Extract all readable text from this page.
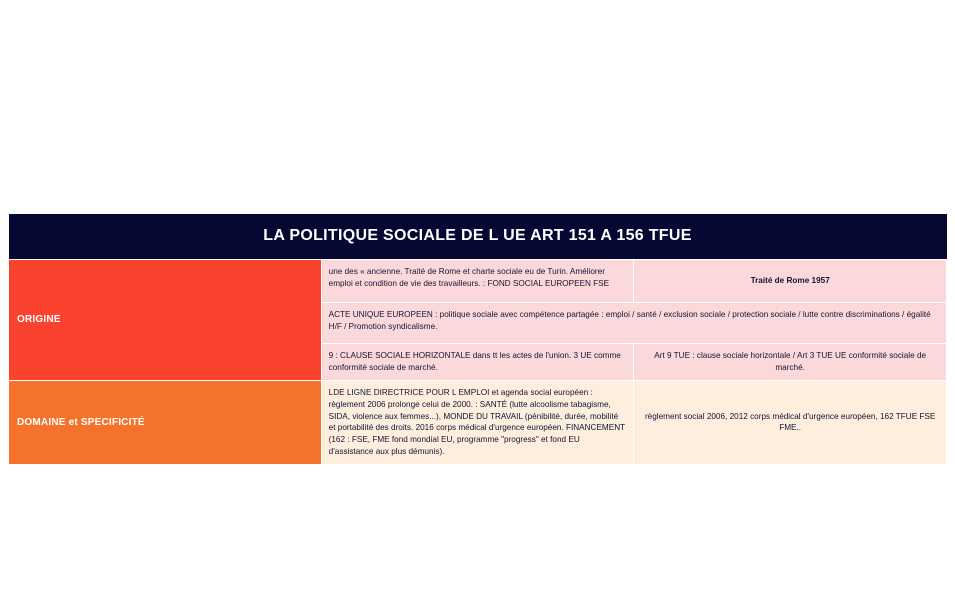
LA POLITIQUE SOCIALE DE L UE ART 151 A 156 TFUE		
ORIGINE	une des « ancienne. Traité de Rome et charte sociale eu de Turin. Améliorer emploi et condition de vie des travailleurs. : FOND SOCIAL EUROPEEN FSE	Traité de Rome 1957
	ACTE UNIQUE EUROPEEN : politique sociale avec compétence partagée : emploi / santé / exclusion sociale / protection sociale / lutte contre discriminations / égalité H/F / Promotion syndicalisme.	
	9 : CLAUSE SOCIALE HORIZONTALE dans tt les actes de l'union. 3 UE comme conformité sociale de marché.	Art 9 TUE : clause sociale horizontale / Art 3 TUE UE conformité sociale de marché.
DOMAINE et SPECIFICITÉ	LDE LIGNE DIRECTRICE POUR L EMPLOI et agenda social européen : règlement 2006 prolonge celui de 2000. : SANTÉ (lutte alcoolisme tabagisme, SIDA, violence aux femmes...), MONDE DU TRAVAIL (pénibilité, durée, mobilité et portabilité des droits. 2016 corps médical d'urgence européen. FINANCEMENT (162 : FSE, FME fond mondial EU, programme "progress" et fond EU d'assistance aux plus démunis).	règlement social 2006, 2012 corps médical d'urgence européen, 162 TFUE FSE FME..
